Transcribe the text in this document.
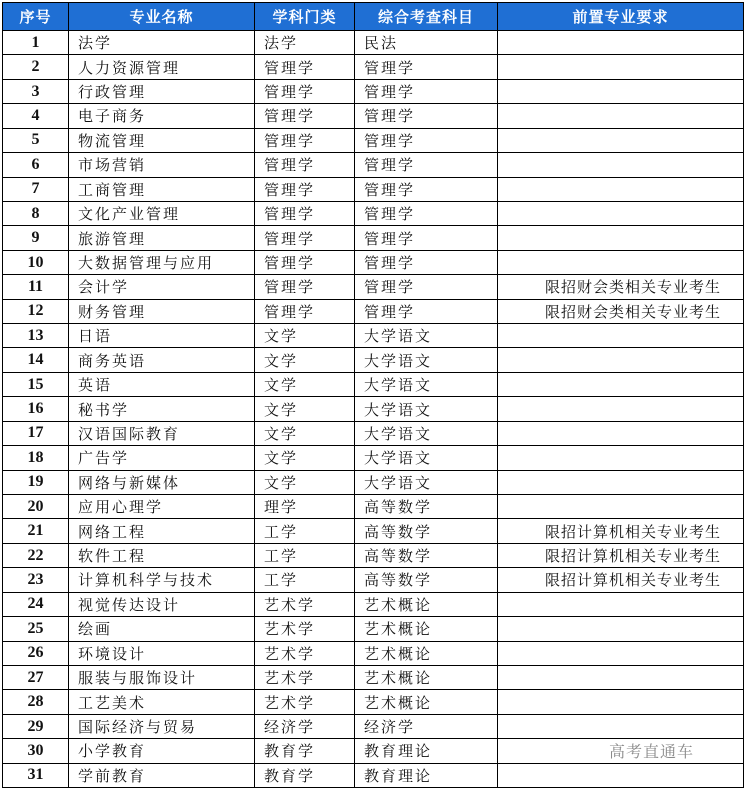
序号	专业名称	学科门类	综合考查科目	前置专业要求
1	法学	法学	民法	
2	人力资源管理	管理学	管理学	
3	行政管理	管理学	管理学	
4	电子商务	管理学	管理学	
5	物流管理	管理学	管理学	
6	市场营销	管理学	管理学	
7	工商管理	管理学	管理学	
8	文化产业管理	管理学	管理学	
9	旅游管理	管理学	管理学	
10	大数据管理与应用	管理学	管理学	
11	会计学	管理学	管理学	限招财会类相关专业考生
12	财务管理	管理学	管理学	限招财会类相关专业考生
13	日语	文学	大学语文	
14	商务英语	文学	大学语文	
15	英语	文学	大学语文	
16	秘书学	文学	大学语文	
17	汉语国际教育	文学	大学语文	
18	广告学	文学	大学语文	
19	网络与新媒体	文学	大学语文	
20	应用心理学	理学	高等数学	
21	网络工程	工学	高等数学	限招计算机相关专业考生
22	软件工程	工学	高等数学	限招计算机相关专业考生
23	计算机科学与技术	工学	高等数学	限招计算机相关专业考生
24	视觉传达设计	艺术学	艺术概论	
25	绘画	艺术学	艺术概论	
26	环境设计	艺术学	艺术概论	
27	服装与服饰设计	艺术学	艺术概论	
28	工艺美术	艺术学	艺术概论	
29	国际经济与贸易	经济学	经济学	
30	小学教育	教育学	教育理论	
31	学前教育	教育学	教育理论	
高考直通车
